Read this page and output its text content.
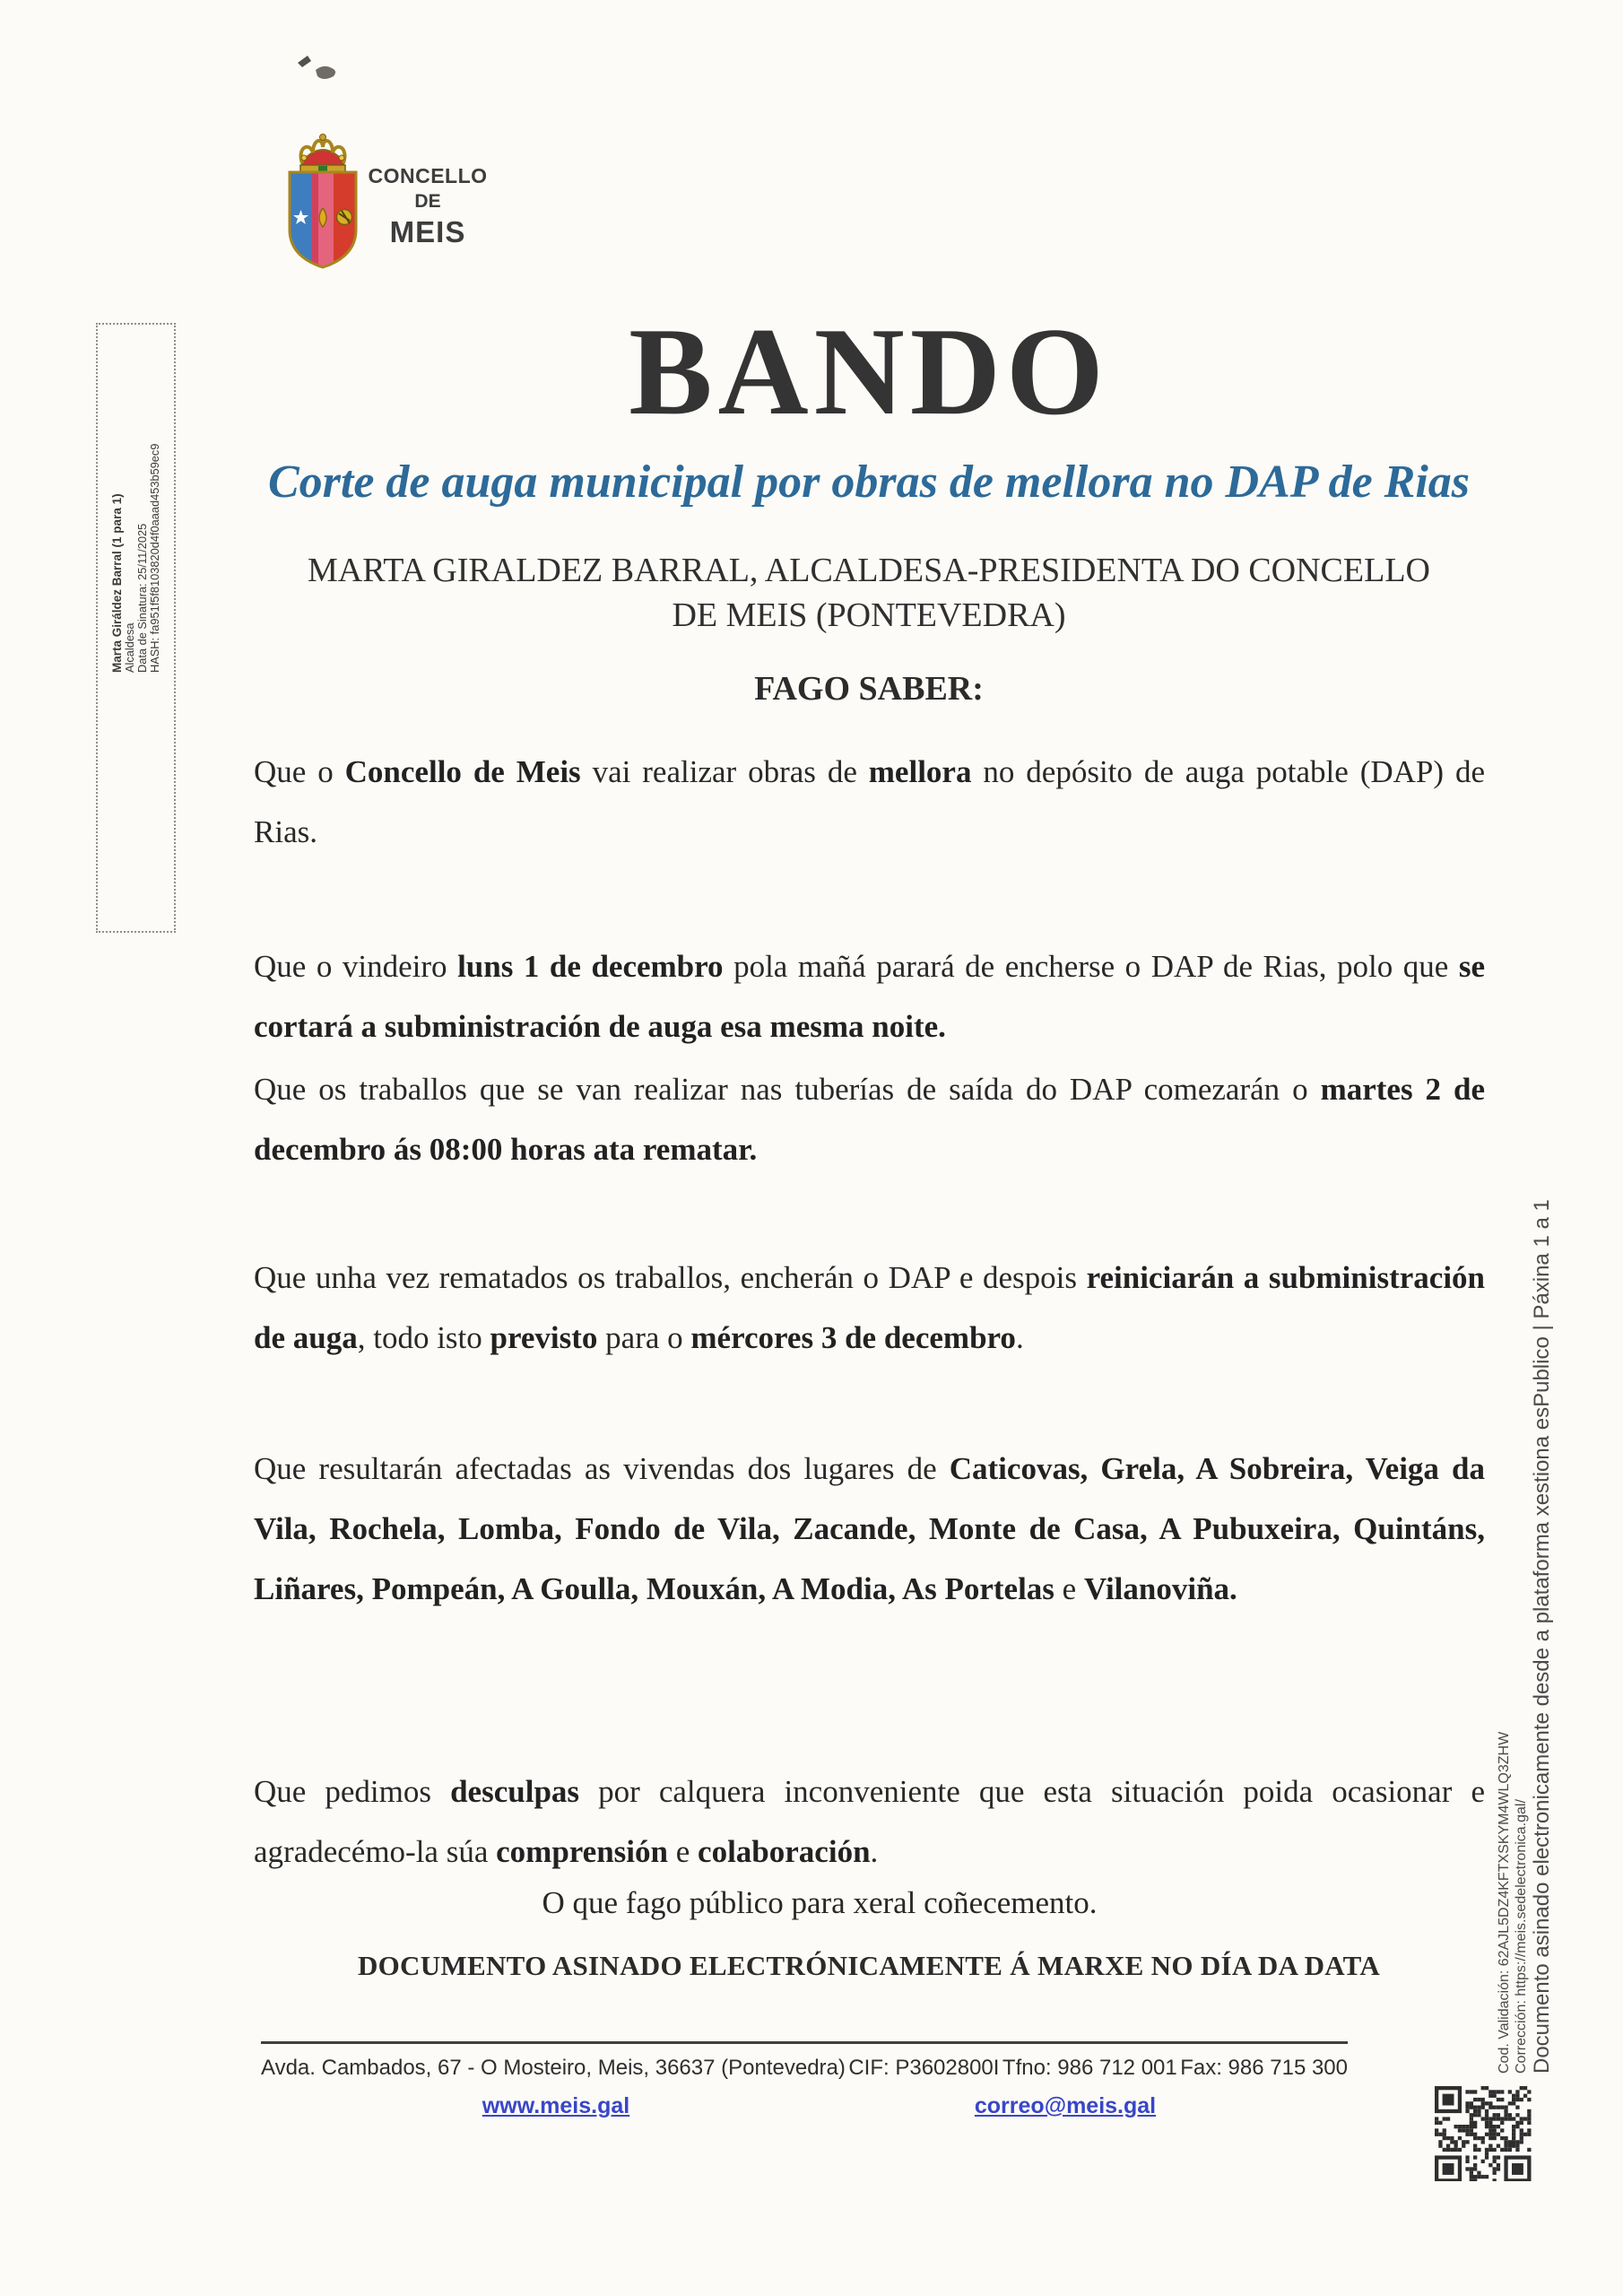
CONCELLO
DE
MEIS
Marta Giráldez Barral (1 para 1) Alcaldesa Data de Sinatura: 25/11/2025 HASH: fa951f5f8103820d4f0aaad453b59ec9
BANDO
Corte de auga municipal por obras de mellora no DAP de Rias
MARTA GIRALDEZ BARRAL, ALCALDESA-PRESIDENTA DO CONCELLO
DE MEIS (PONTEVEDRA)
FAGO SABER:
Que o Concello de Meis vai realizar obras de mellora no depósito de auga potable (DAP) de Rias.
Que o vindeiro luns 1 de decembro pola mañá parará de encherse o DAP de Rias, polo que se cortará a subministración de auga esa mesma noite.
Que os traballos que se van realizar nas tuberías de saída do DAP comezarán o martes 2 de decembro ás 08:00 horas ata rematar.
Que unha vez rematados os traballos, encherán o DAP e despois reiniciarán a subministración de auga, todo isto previsto para o mércores 3 de decembro.
Que resultarán afectadas as vivendas dos lugares de Caticovas, Grela, A Sobreira, Veiga da Vila, Rochela, Lomba, Fondo de Vila, Zacande, Monte de Casa, A Pubuxeira, Quintáns, Liñares, Pompeán, A Goulla, Mouxán, A Modia, As Portelas e Vilanoviña.
Que pedimos desculpas por calquera inconveniente que esta situación poida ocasionar e agradecémo-la súa comprensión e colaboración.
O que fago público para xeral coñecemento.
DOCUMENTO ASINADO ELECTRÓNICAMENTE Á MARXE NO DÍA DA DATA
Avda. Cambados, 67 - O Mosteiro, Meis, 36637 (Pontevedra) CIF: P3602800I Tfno: 986 712 001 Fax: 986 715 300
www.meis.gal	correo@meis.gal
Cod. Validación: 62AJL5DZ4KFTXSKYM4WLQ3ZHW Corrección: https://meis.sedelectronica.gal/ Documento asinado electronicamente desde a plataforma xestiona esPublico | Páxina 1 a 1
